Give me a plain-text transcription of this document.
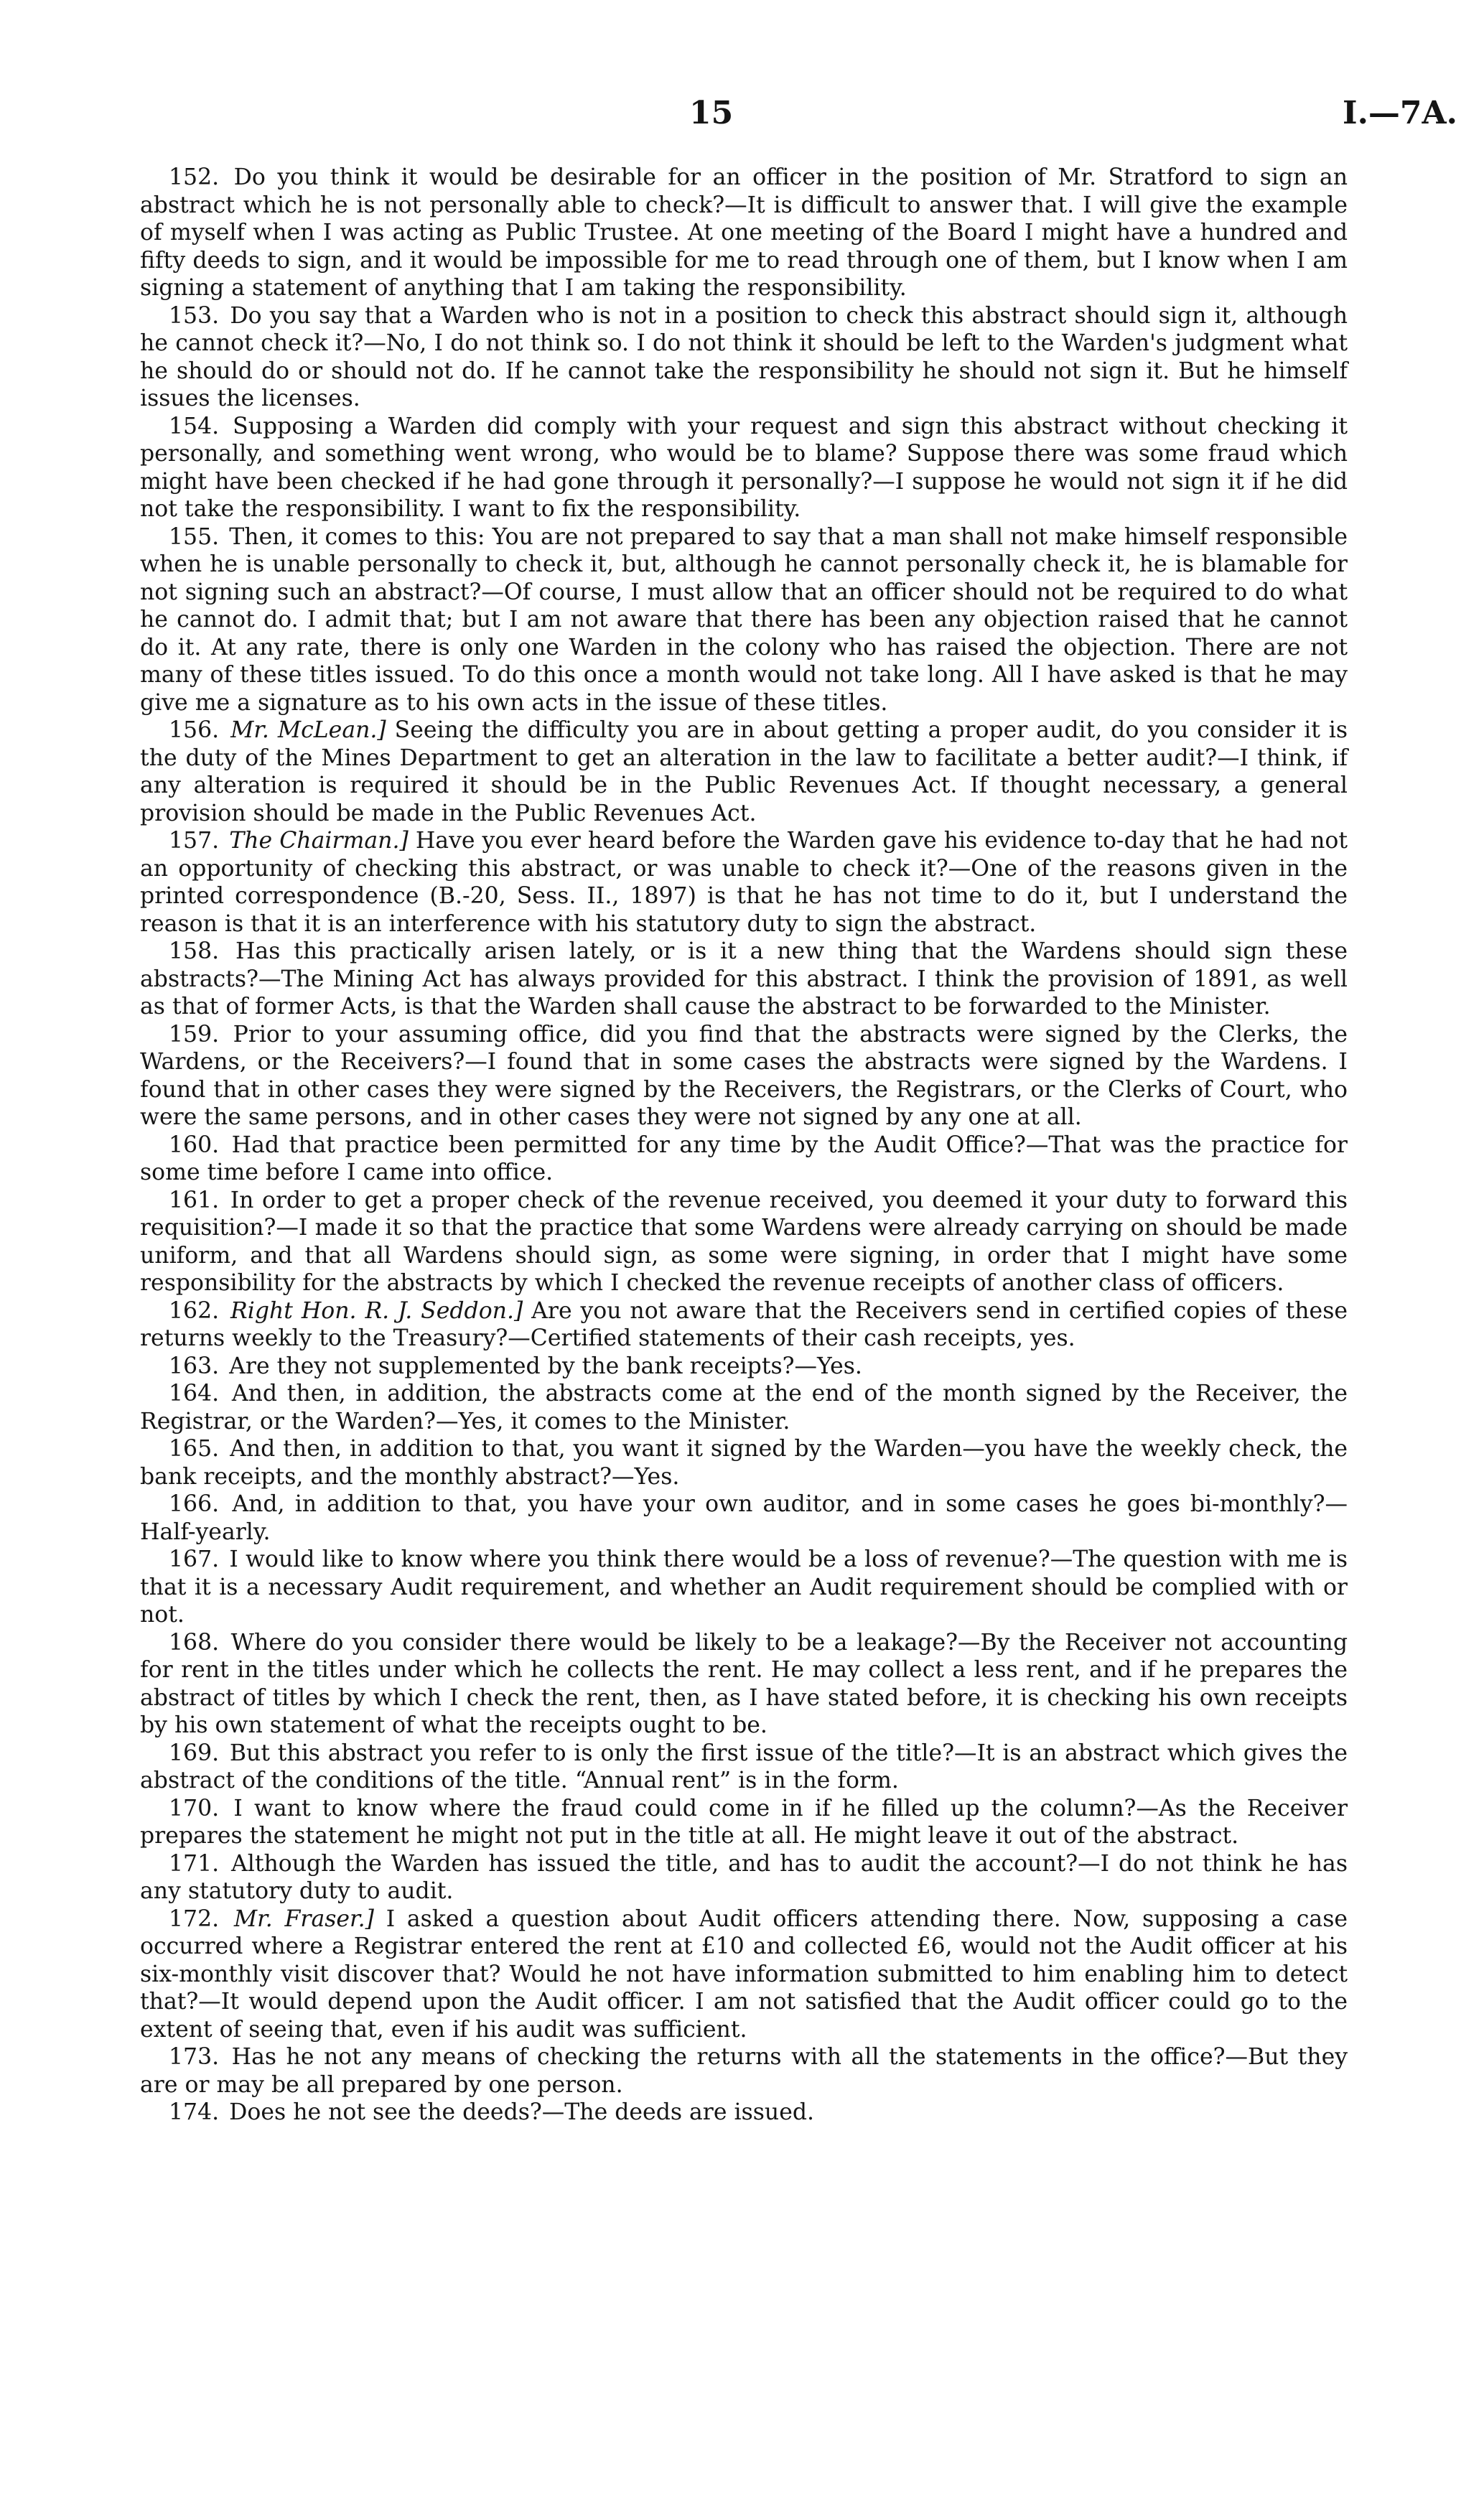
15	I.—7A.

152. Do you think it would be desirable for an officer in the position of Mr. Stratford to sign an abstract which he is not personally able to check?—It is difficult to answer that. I will give the example of myself when I was acting as Public Trustee. At one meeting of the Board I might have a hundred and fifty deeds to sign, and it would be impossible for me to read through one of them, but I know when I am signing a statement of anything that I am taking the responsibility.

153. Do you say that a Warden who is not in a position to check this abstract should sign it, although he cannot check it?—No, I do not think so. I do not think it should be left to the Warden's judgment what he should do or should not do. If he cannot take the responsibility he should not sign it. But he himself issues the licenses.

154. Supposing a Warden did comply with your request and sign this abstract without checking it personally, and something went wrong, who would be to blame? Suppose there was some fraud which might have been checked if he had gone through it personally?—I suppose he would not sign it if he did not take the responsibility. I want to fix the responsibility.

155. Then, it comes to this: You are not prepared to say that a man shall not make himself responsible when he is unable personally to check it, but, although he cannot personally check it, he is blamable for not signing such an abstract?—Of course, I must allow that an officer should not be required to do what he cannot do. I admit that; but I am not aware that there has been any objection raised that he cannot do it. At any rate, there is only one Warden in the colony who has raised the objection. There are not many of these titles issued. To do this once a month would not take long. All I have asked is that he may give me a signature as to his own acts in the issue of these titles.

156. Mr. McLean.] Seeing the difficulty you are in about getting a proper audit, do you consider it is the duty of the Mines Department to get an alteration in the law to facilitate a better audit?—I think, if any alteration is required it should be in the Public Revenues Act. If thought necessary, a general provision should be made in the Public Revenues Act.

157. The Chairman.] Have you ever heard before the Warden gave his evidence to-day that he had not an opportunity of checking this abstract, or was unable to check it?—One of the reasons given in the printed correspondence (B.-20, Sess. II., 1897) is that he has not time to do it, but I understand the reason is that it is an interference with his statutory duty to sign the abstract.

158. Has this practically arisen lately, or is it a new thing that the Wardens should sign these abstracts?—The Mining Act has always provided for this abstract. I think the provision of 1891, as well as that of former Acts, is that the Warden shall cause the abstract to be forwarded to the Minister.

159. Prior to your assuming office, did you find that the abstracts were signed by the Clerks, the Wardens, or the Receivers?—I found that in some cases the abstracts were signed by the Wardens. I found that in other cases they were signed by the Receivers, the Registrars, or the Clerks of Court, who were the same persons, and in other cases they were not signed by any one at all.

160. Had that practice been permitted for any time by the Audit Office?—That was the practice for some time before I came into office.

161. In order to get a proper check of the revenue received, you deemed it your duty to forward this requisition?—I made it so that the practice that some Wardens were already carrying on should be made uniform, and that all Wardens should sign, as some were signing, in order that I might have some responsibility for the abstracts by which I checked the revenue receipts of another class of officers.

162. Right Hon. R. J. Seddon.] Are you not aware that the Receivers send in certified copies of these returns weekly to the Treasury?—Certified statements of their cash receipts, yes.

163. Are they not supplemented by the bank receipts?—Yes.

164. And then, in addition, the abstracts come at the end of the month signed by the Receiver, the Registrar, or the Warden?—Yes, it comes to the Minister.

165. And then, in addition to that, you want it signed by the Warden—you have the weekly check, the bank receipts, and the monthly abstract?—Yes.

166. And, in addition to that, you have your own auditor, and in some cases he goes bi-monthly?—Half-yearly.

167. I would like to know where you think there would be a loss of revenue?—The question with me is that it is a necessary Audit requirement, and whether an Audit requirement should be complied with or not.

168. Where do you consider there would be likely to be a leakage?—By the Receiver not accounting for rent in the titles under which he collects the rent. He may collect a less rent, and if he prepares the abstract of titles by which I check the rent, then, as I have stated before, it is checking his own receipts by his own statement of what the receipts ought to be.

169. But this abstract you refer to is only the first issue of the title?—It is an abstract which gives the abstract of the conditions of the title. “Annual rent” is in the form.

170. I want to know where the fraud could come in if he filled up the column?—As the Receiver prepares the statement he might not put in the title at all. He might leave it out of the abstract.

171. Although the Warden has issued the title, and has to audit the account?—I do not think he has any statutory duty to audit.

172. Mr. Fraser.] I asked a question about Audit officers attending there. Now, supposing a case occurred where a Registrar entered the rent at £10 and collected £6, would not the Audit officer at his six-monthly visit discover that? Would he not have information submitted to him enabling him to detect that?—It would depend upon the Audit officer. I am not satisfied that the Audit officer could go to the extent of seeing that, even if his audit was sufficient.

173. Has he not any means of checking the returns with all the statements in the office?—But they are or may be all prepared by one person.

174. Does he not see the deeds?—The deeds are issued.
